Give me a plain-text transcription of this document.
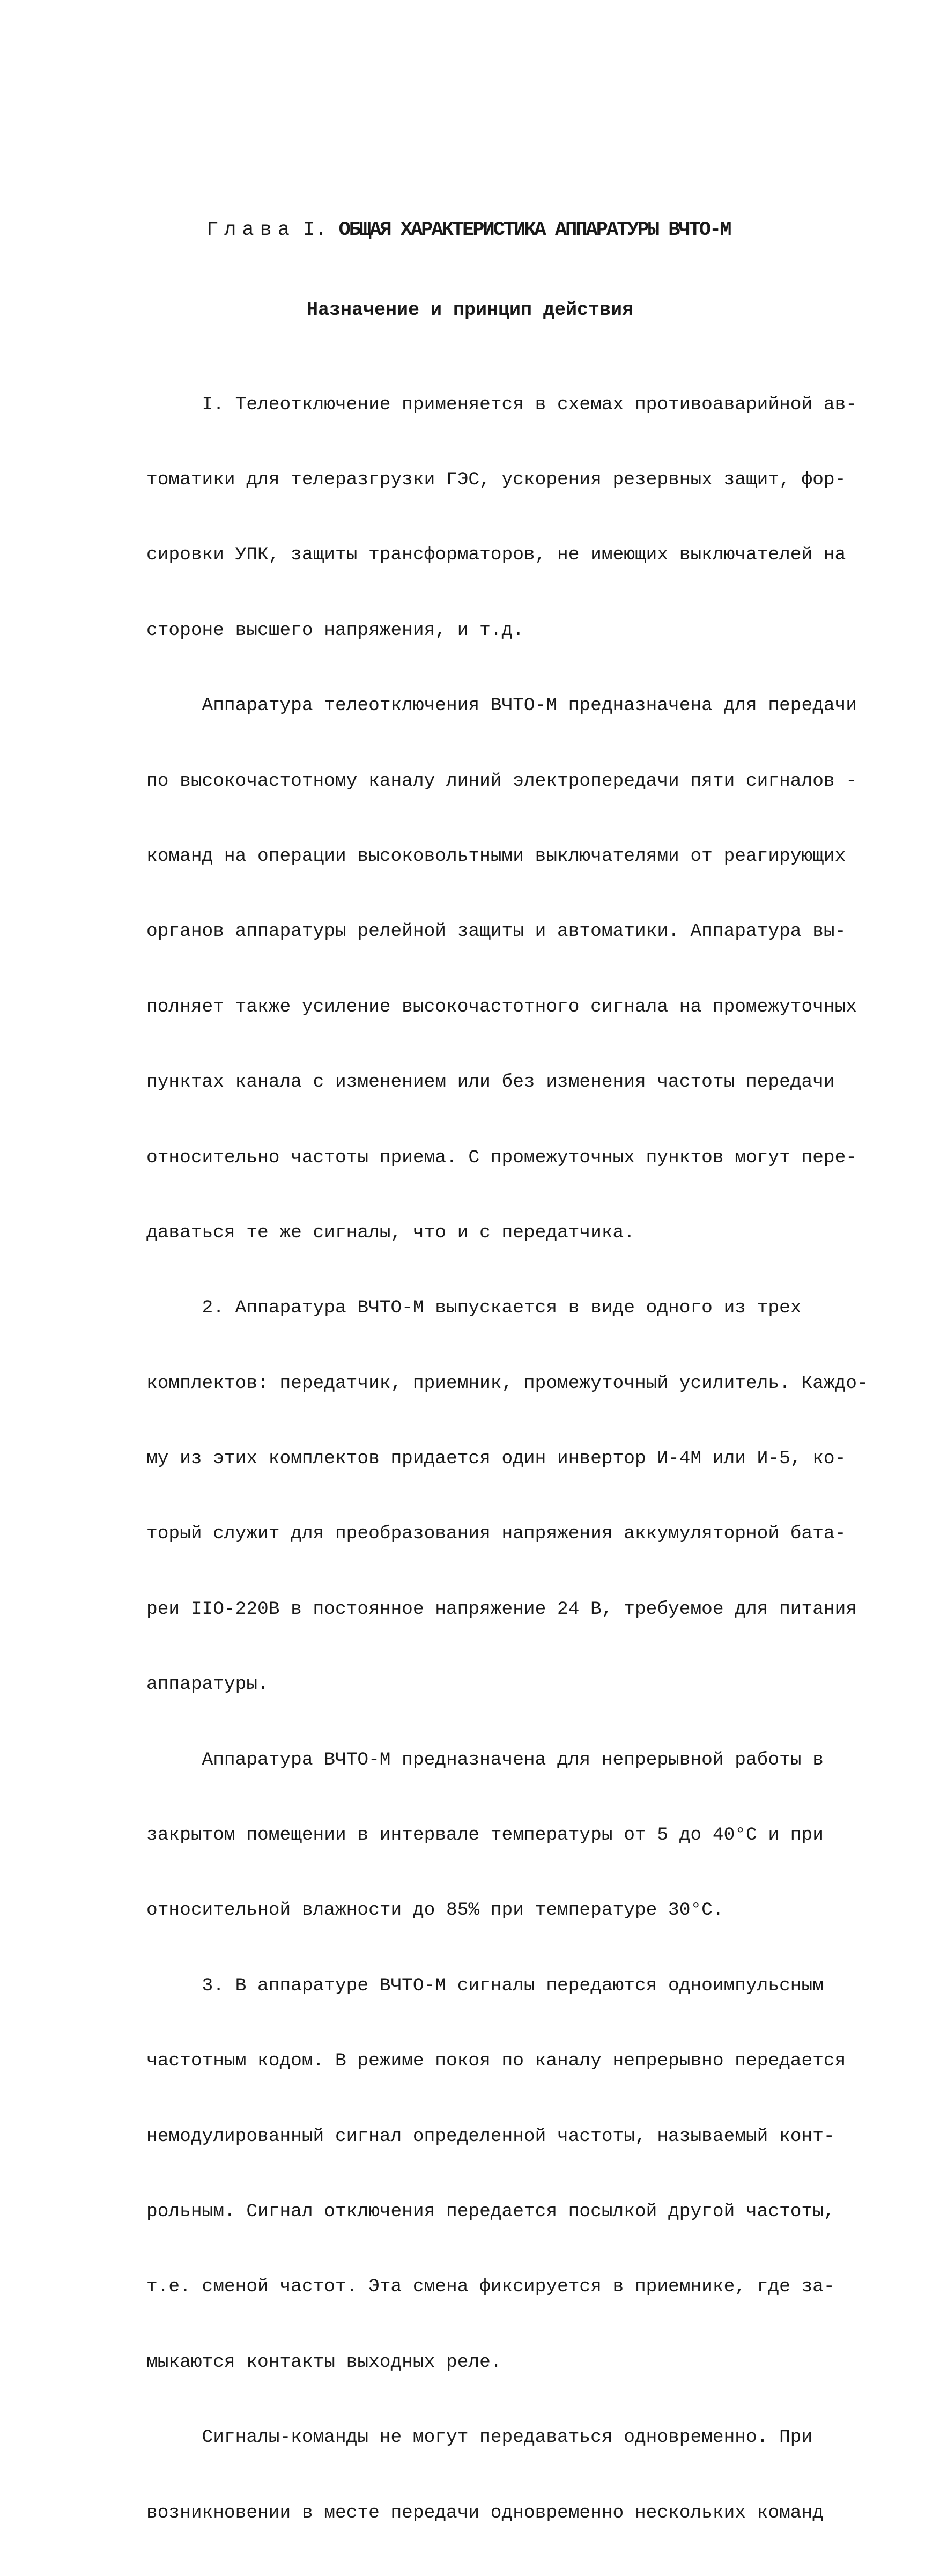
Глава I. ОБЩАЯ ХАРАКТЕРИСТИКА АППАРАТУРЫ ВЧТО-М
Назначение и принцип действия

I. Телеотключение применяется в схемах противоаварийной ав-

томатики для телеразгрузки ГЭС, ускорения резервных защит, фор-

сировки УПК, защиты трансформаторов, не имеющих выключателей на

стороне высшего напряжения, и т.д.

Аппаратура телеотключения ВЧТО-М предназначена для передачи

по высокочастотному каналу линий электропередачи пяти сигналов -

команд на операции высоковольтными выключателями от реагирующих

органов аппаратуры релейной защиты и автоматики. Аппаратура вы-

полняет также усиление высокочастотного сигнала на промежуточных

пунктах канала с изменением или без изменения частоты передачи

относительно частоты приема. С промежуточных пунктов могут пере-

даваться те же сигналы, что и с передатчика.

2. Аппаратура ВЧТО-М выпускается в виде одного из трех

комплектов: передатчик, приемник, промежуточный усилитель. Каждо-

му из этих комплектов придается один инвертор И-4М или И-5, ко-

торый служит для преобразования напряжения аккумуляторной бата-

реи IIO-220В в постоянное напряжение 24 В, требуемое для питания

аппаратуры.

Аппаратура ВЧТО-М предназначена для непрерывной работы в

закрытом помещении в интервале температуры от 5 до 40°С и при

относительной влажности до 85% при температуре 30°С.

3. В аппаратуре ВЧТО-М сигналы передаются одноимпульсным

частотным кодом. В режиме покоя по каналу непрерывно передается

немодулированный сигнал определенной частоты, называемый конт-

рольным. Сигнал отключения передается посылкой другой частоты,

т.е. сменой частот. Эта смена фиксируется в приемнике, где за-

мыкаются контакты выходных реле.

Сигналы-команды не могут передаваться одновременно. При

возникновении в месте передачи одновременно нескольких команд
